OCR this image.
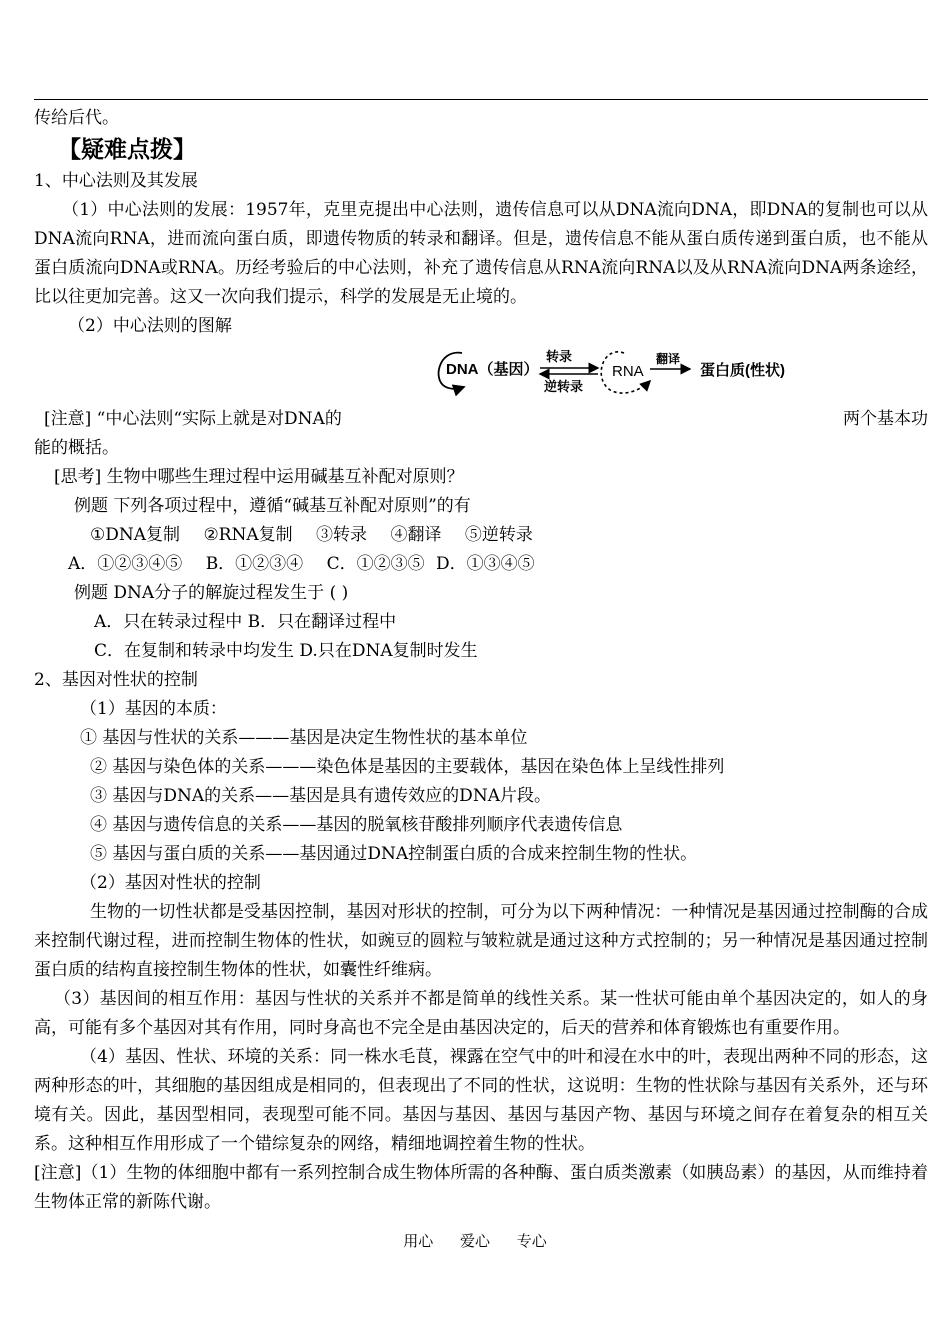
传给后代。
【疑难点拨】
1、中心法则及其发展
（1）中心法则的发展：1957年，克里克提出中心法则，遗传信息可以从DNA流向DNA，即DNA的复制也可以从DNA流向RNA，进而流向蛋白质，即遗传物质的转录和翻译。但是，遗传信息不能从蛋白质传递到蛋白质，也不能从蛋白质流向DNA或RNA。历经考验后的中心法则，补充了遗传信息从RNA流向RNA以及从RNA流向DNA两条途经，比以往更加完善。这又一次向我们提示，科学的发展是无止境的。
（2）中心法则的图解
DNA（基因）
转录
逆转录
RNA
翻译
蛋白质(性状)
[注意] “中心法则“实际上就是对DNA的	两个基本功
能的概括。
[思考] 生物中哪些生理过程中运用碱基互补配对原则？
例题 下列各项过程中，遵循“碱基互补配对原则”的有
①DNA复制 ②RNA复制 ③转录 ④翻译 ⑤逆转录
A．①②③④⑤ B．①②③④ C．①②③⑤ D．①③④⑤
例题 DNA分子的解旋过程发生于 ( )
A．只在转录过程中 B．只在翻译过程中
C．在复制和转录中均发生 D.只在DNA复制时发生
2、基因对性状的控制
（1）基因的本质：
① 基因与性状的关系———基因是决定生物性状的基本单位
② 基因与染色体的关系———染色体是基因的主要载体，基因在染色体上呈线性排列
③ 基因与DNA的关系——基因是具有遗传效应的DNA片段。
④ 基因与遗传信息的关系——基因的脱氧核苷酸排列顺序代表遗传信息
⑤ 基因与蛋白质的关系——基因通过DNA控制蛋白质的合成来控制生物的性状。
（2）基因对性状的控制
生物的一切性状都是受基因控制，基因对形状的控制，可分为以下两种情况：一种情况是基因通过控制酶的合成来控制代谢过程，进而控制生物体的性状，如豌豆的圆粒与皱粒就是通过这种方式控制的；另一种情况是基因通过控制蛋白质的结构直接控制生物体的性状，如囊性纤维病。
（3）基因间的相互作用：基因与性状的关系并不都是简单的线性关系。某一性状可能由单个基因决定的，如人的身高，可能有多个基因对其有作用，同时身高也不完全是由基因决定的，后天的营养和体育锻炼也有重要作用。
（4）基因、性状、环境的关系：同一株水毛茛，裸露在空气中的叶和浸在水中的叶，表现出两种不同的形态，这两种形态的叶，其细胞的基因组成是相同的，但表现出了不同的性状，这说明：生物的性状除与基因有关系外，还与环境有关。因此，基因型相同，表现型可能不同。基因与基因、基因与基因产物、基因与环境之间存在着复杂的相互关系。这种相互作用形成了一个错综复杂的网络，精细地调控着生物的性状。
[注意]（1）生物的体细胞中都有一系列控制合成生物体所需的各种酶、蛋白质类激素（如胰岛素）的基因，从而维持着生物体正常的新陈代谢。
用心 爱心 专心
